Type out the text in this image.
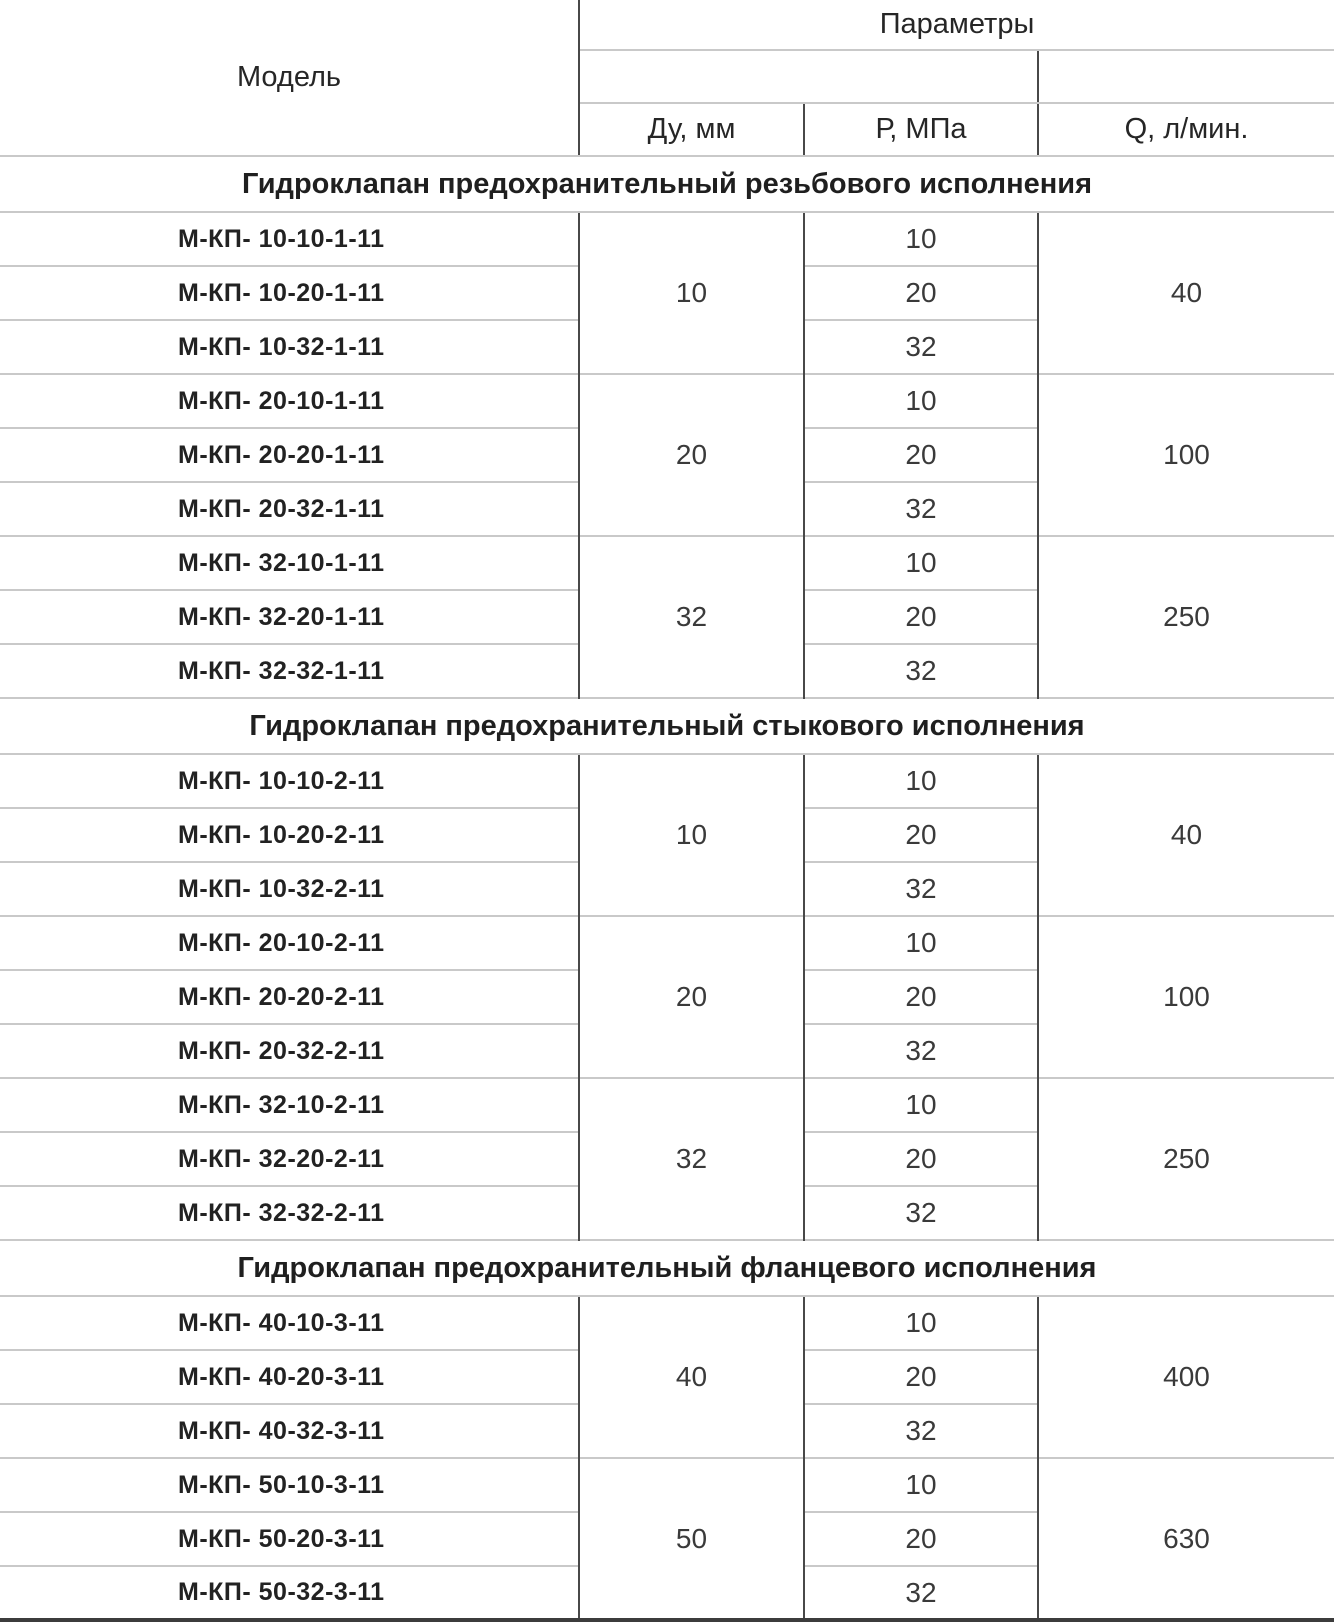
Модель	Параметры		

	Ду, мм	Р, МПа	Q, л/мин.
Гидроклапан предохранительный резьбового исполнения			
М-КП- 10-10-1-11	10	10	40
М-КП- 10-20-1-11		20	
М-КП- 10-32-1-11		32	
М-КП- 20-10-1-11	20	10	100
М-КП- 20-20-1-11		20	
М-КП- 20-32-1-11		32	
М-КП- 32-10-1-11	32	10	250
М-КП- 32-20-1-11		20	
М-КП- 32-32-1-11		32	
Гидроклапан предохранительный стыкового исполнения			
М-КП- 10-10-2-11	10	10	40
М-КП- 10-20-2-11		20	
М-КП- 10-32-2-11		32	
М-КП- 20-10-2-11	20	10	100
М-КП- 20-20-2-11		20	
М-КП- 20-32-2-11		32	
М-КП- 32-10-2-11	32	10	250
М-КП- 32-20-2-11		20	
М-КП- 32-32-2-11		32	
Гидроклапан предохранительный фланцевого исполнения			
М-КП- 40-10-3-11	40	10	400
М-КП- 40-20-3-11		20	
М-КП- 40-32-3-11		32	
М-КП- 50-10-3-11	50	10	630
М-КП- 50-20-3-11		20	
М-КП- 50-32-3-11		32	
